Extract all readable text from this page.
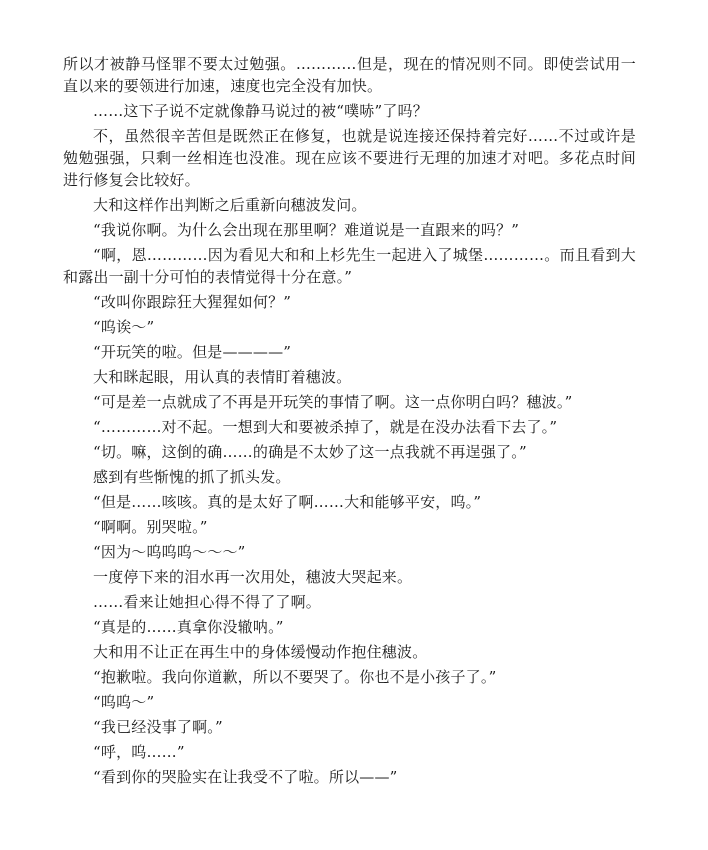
所以才被静马怪罪不要太过勉强。…………但是，现在的情况则不同。即使尝试用一直以来的要领进行加速，速度也完全没有加快。

……这下子说不定就像静马说过的被“噗哧”了吗？

不，虽然很辛苦但是既然正在修复，也就是说连接还保持着完好……不过或许是勉勉强强，只剩一丝相连也没准。现在应该不要进行无理的加速才对吧。多花点时间进行修复会比较好。

大和这样作出判断之后重新向穗波发问。

“我说你啊。为什么会出现在那里啊？难道说是一直跟来的吗？”

“啊，恩…………因为看见大和和上杉先生一起进入了城堡…………。而且看到大和露出一副十分可怕的表情觉得十分在意。”

“改叫你跟踪狂大猩猩如何？”

“呜诶～”

“开玩笑的啦。但是————”

大和眯起眼，用认真的表情盯着穗波。

“可是差一点就成了不再是开玩笑的事情了啊。这一点你明白吗？穗波。”

“…………对不起。一想到大和要被杀掉了，就是在没办法看下去了。”

“切。嘛，这倒的确……的确是不太妙了这一点我就不再逞强了。”

感到有些惭愧的抓了抓头发。

“但是……咳咳。真的是太好了啊……大和能够平安，呜。”

“啊啊。别哭啦。”

“因为～呜呜呜～～～”

一度停下来的泪水再一次用处，穗波大哭起来。

……看来让她担心得不得了了啊。

“真是的……真拿你没辙呐。”

大和用不让正在再生中的身体缓慢动作抱住穗波。

“抱歉啦。我向你道歉，所以不要哭了。你也不是小孩子了。”

“呜呜～”

“我已经没事了啊。”

“呼，呜……”

“看到你的哭脸实在让我受不了啦。所以——”
